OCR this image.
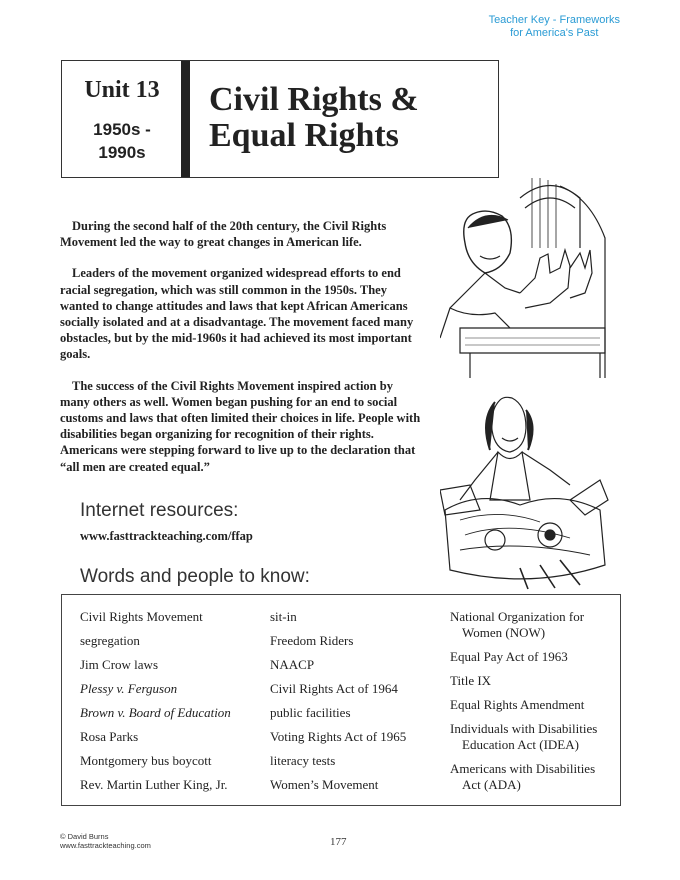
Teacher Key - Frameworks
for America's Past
Unit 13
1950s -
1990s
Civil Rights &
Equal Rights

During the second half of the 20th century, the Civil Rights Movement led the way to great changes in American life.

Leaders of the movement organized widespread efforts to end racial segregation, which was still common in the 1950s. They wanted to change attitudes and laws that kept African Americans socially isolated and at a disadvantage. The movement faced many obstacles, but by the mid-1960s it had achieved its most important goals.

The success of the Civil Rights Movement inspired action by many others as well. Women began pushing for an end to social customs and laws that often limited their choices in life. People with disabilities began organizing for recognition of their rights. Americans were stepping forward to live up to the declaration that “all men are created equal.”

Internet resources:
www.fasttrackteaching.com/ffap
Words and people to know:
Civil Rights Movement
segregation
Jim Crow laws
Plessy v. Ferguson
Brown v. Board of Education
Rosa Parks
Montgomery bus boycott
Rev. Martin Luther King, Jr.
sit-in
Freedom Riders
NAACP
Civil Rights Act of 1964
public facilities
Voting Rights Act of 1965
literacy tests
Women’s Movement
National Organization for
Women (NOW)
Equal Pay Act of 1963
Title IX
Equal Rights Amendment
Individuals with Disabilities
Education Act (IDEA)
Americans with Disabilities
Act (ADA)
© David Burns
www.fasttrackteaching.com	177
